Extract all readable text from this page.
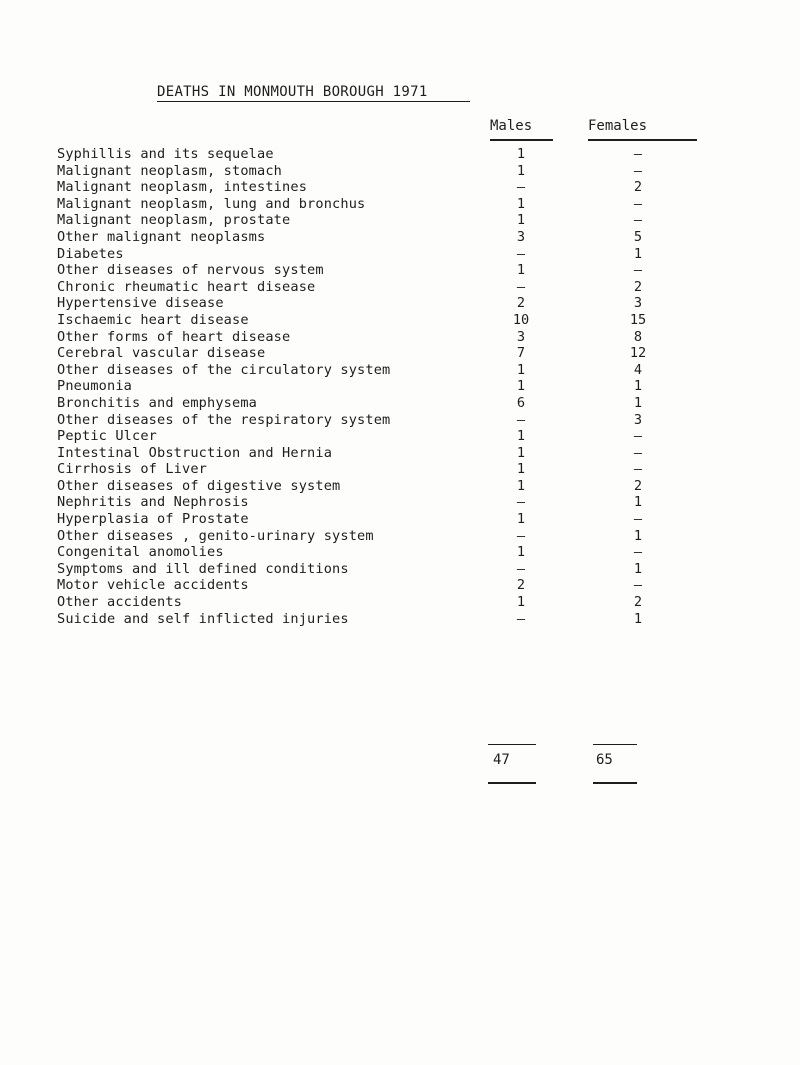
DEATHS IN MONMOUTH BOROUGH 1971
Males	Females
Syphillis and its sequelae	1	–
Malignant neoplasm, stomach	1	–
Malignant neoplasm, intestines	–	2
Malignant neoplasm, lung and bronchus	1	–
Malignant neoplasm, prostate	1	–
Other malignant neoplasms	3	5
Diabetes	–	1
Other diseases of nervous system	1	–
Chronic rheumatic heart disease	–	2
Hypertensive disease	2	3
Ischaemic heart disease	10	15
Other forms of heart disease	3	8
Cerebral vascular disease	7	12
Other diseases of the circulatory system	1	4
Pneumonia	1	1
Bronchitis and emphysema	6	1
Other diseases of the respiratory system	–	3
Peptic Ulcer	1	–
Intestinal Obstruction and Hernia	1	–
Cirrhosis of Liver	1	–
Other diseases of digestive system	1	2
Nephritis and Nephrosis	–	1
Hyperplasia of Prostate	1	–
Other diseases , genito-urinary system	–	1
Congenital anomolies	1	–
Symptoms and ill defined conditions	–	1
Motor vehicle accidents	2	–
Other accidents	1	2
Suicide and self inflicted injuries	–	1
47	65
